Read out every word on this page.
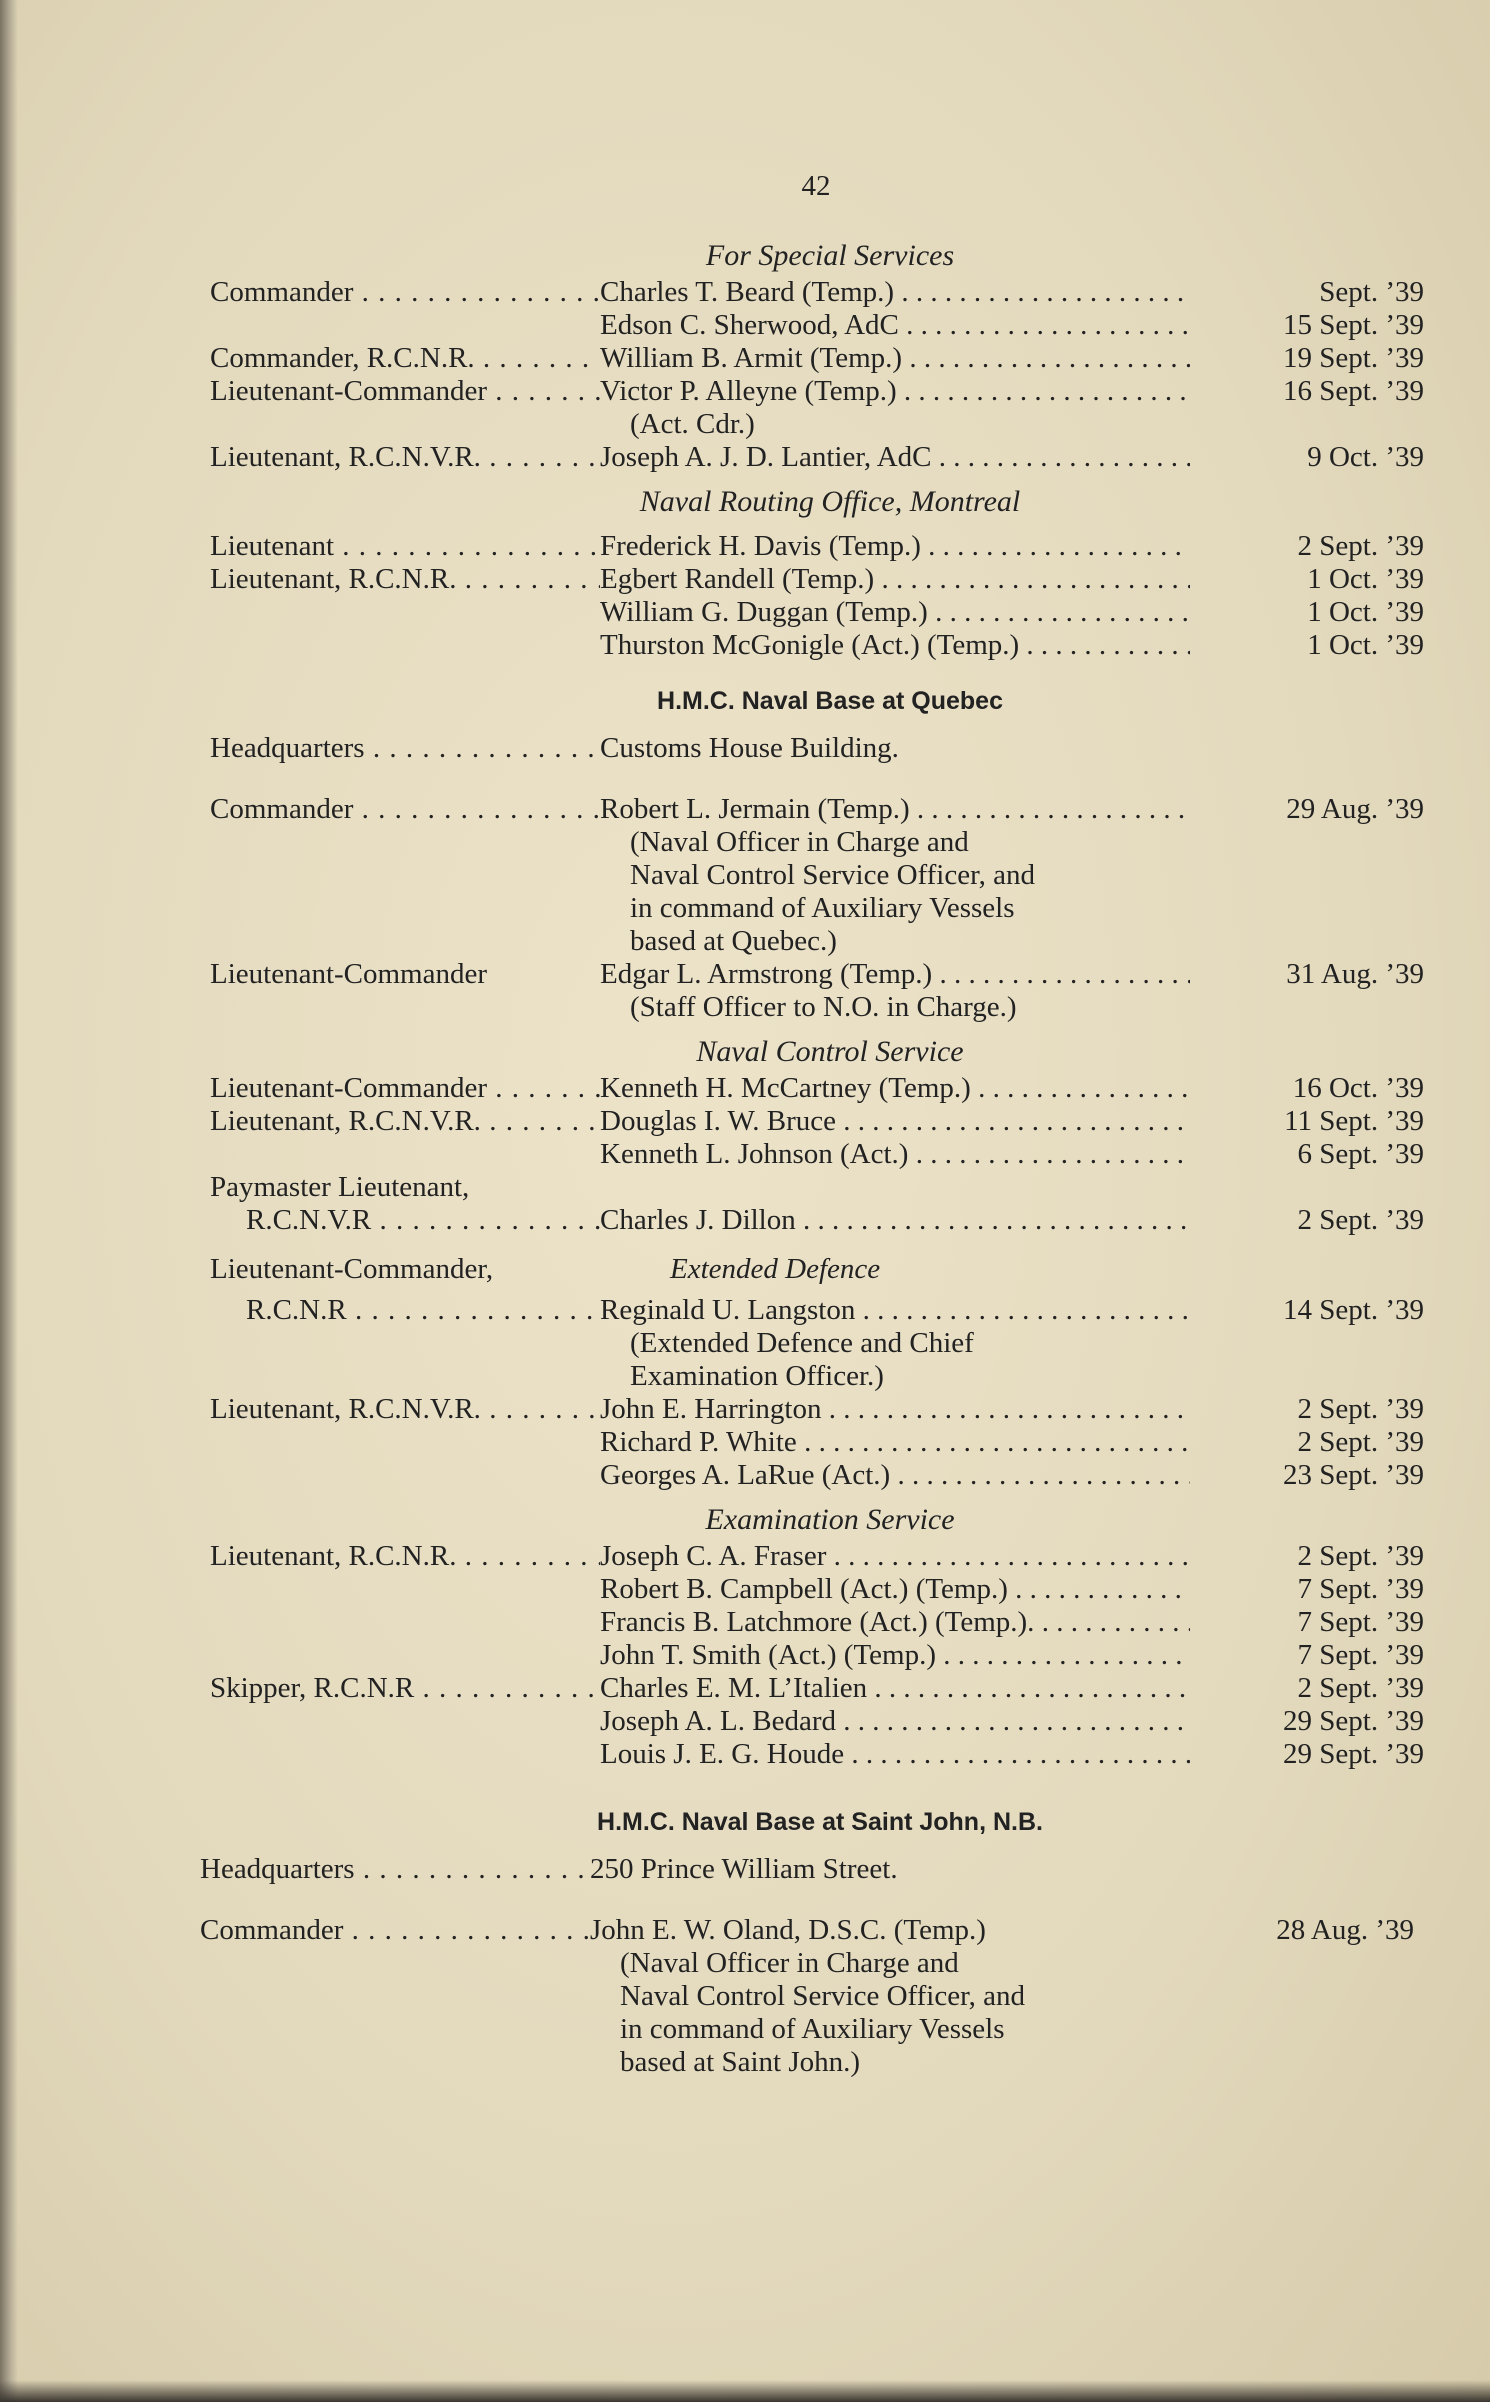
42
For Special Services
Commander . . .	Charles T. Beard (Temp.) . . .	Sept. ’39
Edson C. Sherwood, AdC . . .	15 Sept. ’39
Commander, R.C.N.R. . . .	William B. Armit (Temp.) . . .	19 Sept. ’39
Lieutenant-Commander . . .	Victor P. Alleyne (Temp.) . . .	16 Sept. ’39
(Act. Cdr.)
Lieutenant, R.C.N.V.R. . . .	Joseph A. J. D. Lantier, AdC . . .	9 Oct. ’39
Naval Routing Office, Montreal
Lieutenant . . .	Frederick H. Davis (Temp.) . . .	2 Sept. ’39
Lieutenant, R.C.N.R. . . .	Egbert Randell (Temp.) . . .	1 Oct. ’39
William G. Duggan (Temp.) . . .	1 Oct. ’39
Thurston McGonigle (Act.) (Temp.) . . .	1 Oct. ’39
H.M.C. Naval Base at Quebec
Headquarters . . .	Customs House Building.
Commander . . .	Robert L. Jermain (Temp.) . . .	29 Aug. ’39
(Naval Officer in Charge and Naval Control Service Officer, and in command of Auxiliary Vessels based at Quebec.)
Lieutenant-Commander	Edgar L. Armstrong (Temp.) . . .	31 Aug. ’39
(Staff Officer to N.O. in Charge.)
Naval Control Service
Lieutenant-Commander . . .	Kenneth H. McCartney (Temp.) . . .	16 Oct. ’39
Lieutenant, R.C.N.V.R. . . .	Douglas I. W. Bruce . . .	11 Sept. ’39
Kenneth L. Johnson (Act.) . . .	6 Sept. ’39
Paymaster Lieutenant,
R.C.N.V.R . . .	Charles J. Dillon . . .	2 Sept. ’39
Lieutenant-Commander,	Extended Defence
R.C.N.R . . .	Reginald U. Langston . . .	14 Sept. ’39
(Extended Defence and Chief Examination Officer.)
Lieutenant, R.C.N.V.R. . . .	John E. Harrington . . .	2 Sept. ’39
Richard P. White . . .	2 Sept. ’39
Georges A. LaRue (Act.) . . .	23 Sept. ’39
Examination Service
Lieutenant, R.C.N.R. . . .	Joseph C. A. Fraser . . .	2 Sept. ’39
Robert B. Campbell (Act.) (Temp.) . . .	7 Sept. ’39
Francis B. Latchmore (Act.) (Temp.). . . .	7 Sept. ’39
John T. Smith (Act.) (Temp.) . . .	7 Sept. ’39
Skipper, R.C.N.R . . .	Charles E. M. L’Italien . . .	2 Sept. ’39
Joseph A. L. Bedard . . .	29 Sept. ’39
Louis J. E. G. Houde . . .	29 Sept. ’39
H.M.C. Naval Base at Saint John, N.B.
Headquarters . . .	250 Prince William Street.
Commander . . .	John E. W. Oland, D.S.C. (Temp.)	28 Aug. ’39
(Naval Officer in Charge and Naval Control Service Officer, and in command of Auxiliary Vessels based at Saint John.)
